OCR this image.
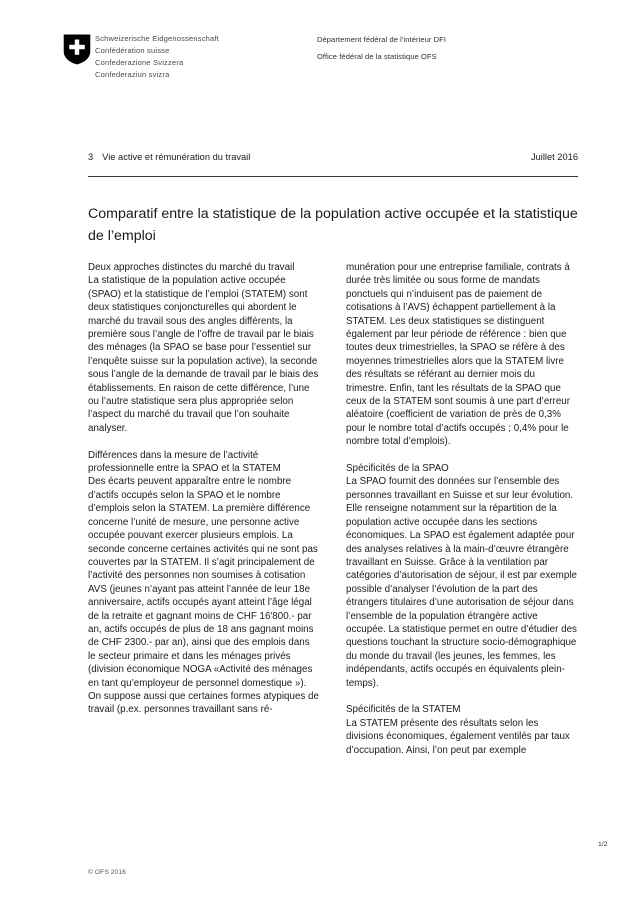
Schweizerische Eidgenossenschaft
Confédération suisse
Confederazione Svizzera
Confederaziun svizra
Département fédéral de l'intérieur DFI
Office fédéral de la statistique OFS
3 Vie active et rémunération du travail	Juillet 2016
Comparatif entre la statistique de la population active occupée et la statistique de l’emploi

Deux approches distinctes du marché du travail

La statistique de la population active occupée (SPAO) et la statistique de l’emploi (STATEM) sont deux statistiques conjoncturelles qui abordent le marché du travail sous des angles différents, la première sous l’angle de l’offre de travail par le biais des ménages (la SPAO se base pour l’essentiel sur l’enquête suisse sur la population active), la seconde sous l’angle de la demande de travail par le biais des établissements. En raison de cette différence, l’une ou l’autre statistique sera plus appropriée selon l’aspect du marché du travail que l’on souhaite analyser.

Différences dans la mesure de l’activité professionnelle entre la SPAO et la STATEM

Des écarts peuvent apparaître entre le nombre d’actifs occupés selon la SPAO et le nombre d’emplois selon la STATEM. La première différence concerne l’unité de mesure, une personne active occupée pouvant exercer plusieurs emplois. La seconde concerne certaines activités qui ne sont pas couvertes par la STATEM. Il s’agit principalement de l’activité des personnes non soumises à cotisation AVS (jeunes n’ayant pas atteint l’année de leur 18e anniversaire, actifs occupés ayant atteint l’âge légal de la retraite et gagnant moins de CHF 16'800.- par an, actifs occupés de plus de 18 ans gagnant moins de CHF 2300.- par an), ainsi que des emplois dans le secteur primaire et dans les ménages privés (division économique NOGA «Activité des ménages en tant qu’employeur de personnel domestique »). On suppose aussi que certaines formes atypiques de travail (p.ex. personnes travaillant sans ré-

munération pour une entreprise familiale, contrats à durée très limitée ou sous forme de mandats ponctuels qui n’induisent pas de paiement de cotisations à l’AVS) échappent partiellement à la STATEM. Les deux statistiques se distinguent également par leur période de référence : bien que toutes deux trimestrielles, la SPAO se réfère à des moyennes trimestrielles alors que la STATEM livre des résultats se référant au dernier mois du trimestre. Enfin, tant les résultats de la SPAO que ceux de la STATEM sont soumis à une part d’erreur aléatoire (coefficient de variation de près de 0,3% pour le nombre total d’actifs occupés ; 0,4% pour le nombre total d’emplois).

Spécificités de la SPAO

La SPAO fournit des données sur l’ensemble des personnes travaillant en Suisse et sur leur évolution. Elle renseigne notamment sur la répartition de la population active occupée dans les sections économiques. La SPAO est également adaptée pour des analyses relatives à la main-d’œuvre étrangère travaillant en Suisse. Grâce à la ventilation par catégories d’autorisation de séjour, il est par exemple possible d’analyser l’évolution de la part des étrangers titulaires d’une autorisation de séjour dans l’ensemble de la population étrangère active occupée. La statistique permet en outre d’étudier des questions touchant la structure socio-démographique du monde du travail (les jeunes, les femmes, les indépendants, actifs occupés en équivalents plein-temps).

Spécificités de la STATEM

La STATEM présente des résultats selon les divisions économiques, également ventilés par taux d’occupation. Ainsi, l’on peut par exemple

1/2
© OFS 2016
